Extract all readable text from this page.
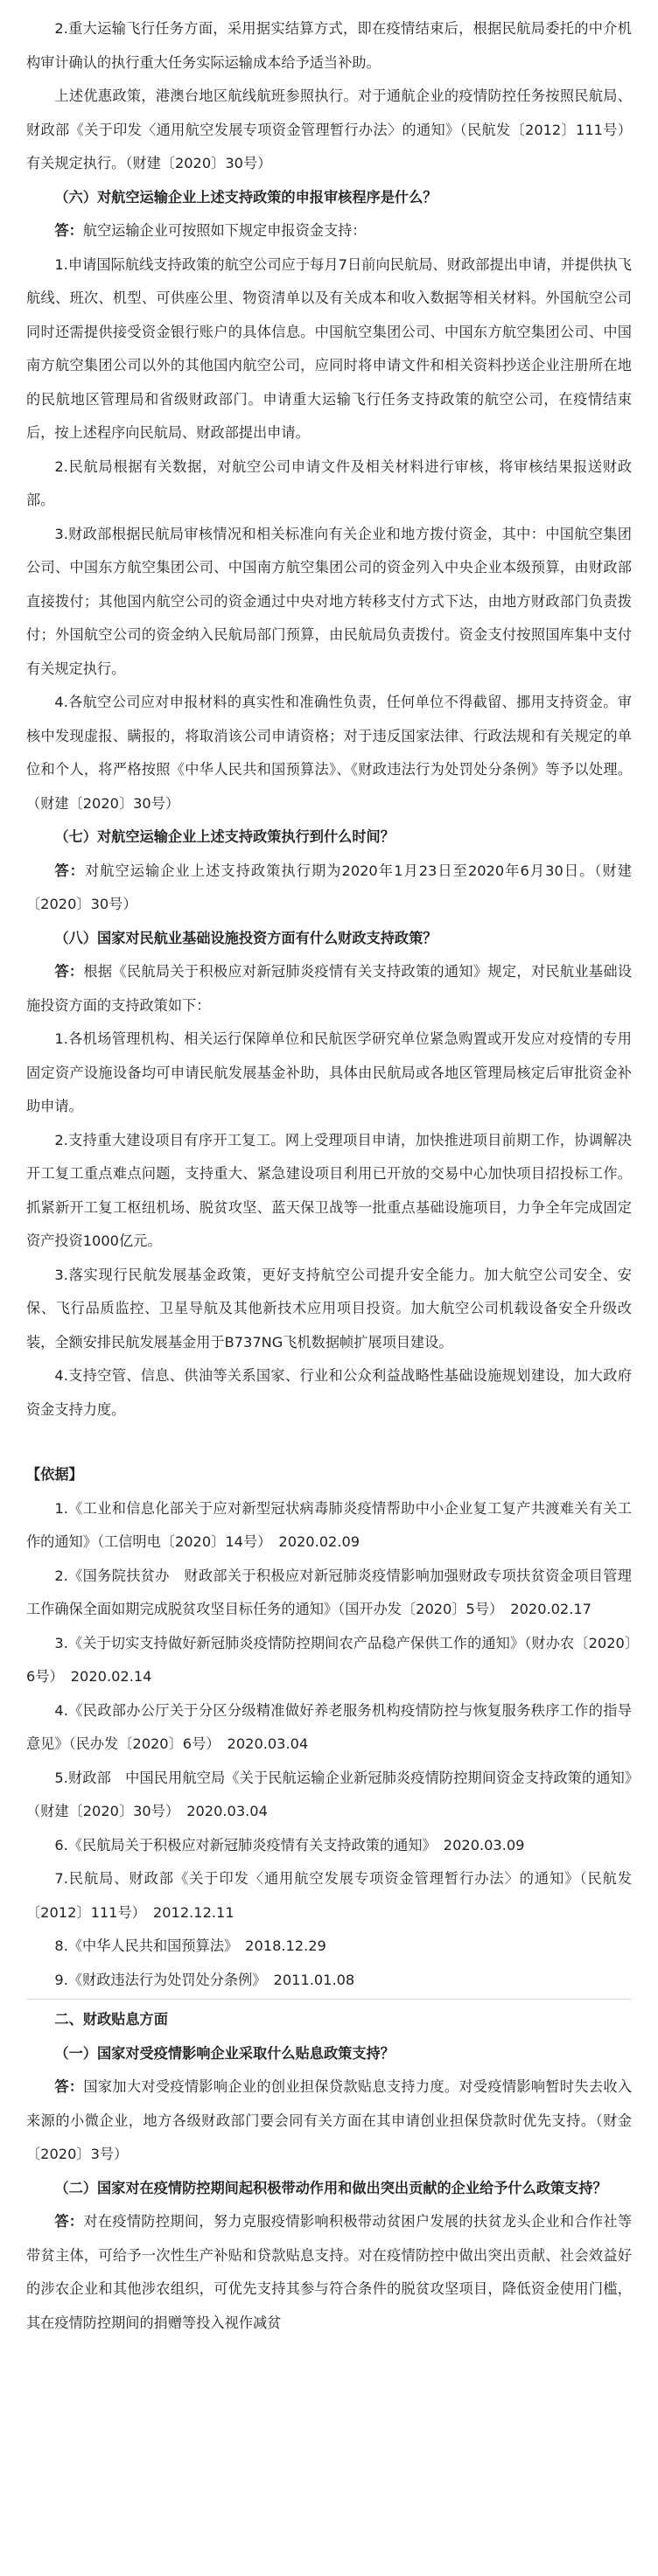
2.重大运输飞行任务方面，采用据实结算方式，即在疫情结束后，根据民航局委托的中介机构审计确认的执行重大任务实际运输成本给予适当补助。

上述优惠政策，港澳台地区航线航班参照执行。对于通航企业的疫情防控任务按照民航局、财政部《关于印发〈通用航空发展专项资金管理暂行办法〉的通知》（民航发〔2012〕111号）有关规定执行。（财建〔2020〕30号）

（六）对航空运输企业上述支持政策的申报审核程序是什么？

答：航空运输企业可按照如下规定申报资金支持：

1.申请国际航线支持政策的航空公司应于每月7日前向民航局、财政部提出申请，并提供执飞航线、班次、机型、可供座公里、物资清单以及有关成本和收入数据等相关材料。外国航空公司同时还需提供接受资金银行账户的具体信息。中国航空集团公司、中国东方航空集团公司、中国南方航空集团公司以外的其他国内航空公司，应同时将申请文件和相关资料抄送企业注册所在地的民航地区管理局和省级财政部门。申请重大运输飞行任务支持政策的航空公司，在疫情结束后，按上述程序向民航局、财政部提出申请。

2.民航局根据有关数据，对航空公司申请文件及相关材料进行审核，将审核结果报送财政部。

3.财政部根据民航局审核情况和相关标准向有关企业和地方拨付资金，其中：中国航空集团公司、中国东方航空集团公司、中国南方航空集团公司的资金列入中央企业本级预算，由财政部直接拨付；其他国内航空公司的资金通过中央对地方转移支付方式下达，由地方财政部门负责拨付；外国航空公司的资金纳入民航局部门预算，由民航局负责拨付。资金支付按照国库集中支付有关规定执行。

4.各航空公司应对申报材料的真实性和准确性负责，任何单位不得截留、挪用支持资金。审核中发现虚报、瞒报的，将取消该公司申请资格；对于违反国家法律、行政法规和有关规定的单位和个人，将严格按照《中华人民共和国预算法》、《财政违法行为处罚处分条例》等予以处理。（财建〔2020〕30号）

（七）对航空运输企业上述支持政策执行到什么时间？

答：对航空运输企业上述支持政策执行期为2020年1月23日至2020年6月30日。（财建〔2020〕30号）

（八）国家对民航业基础设施投资方面有什么财政支持政策？

答：根据《民航局关于积极应对新冠肺炎疫情有关支持政策的通知》规定，对民航业基础设施投资方面的支持政策如下：

1.各机场管理机构、相关运行保障单位和民航医学研究单位紧急购置或开发应对疫情的专用固定资产设施设备均可申请民航发展基金补助，具体由民航局或各地区管理局核定后审批资金补助申请。

2.支持重大建设项目有序开工复工。网上受理项目申请，加快推进项目前期工作，协调解决开工复工重点难点问题，支持重大、紧急建设项目利用已开放的交易中心加快项目招投标工作。抓紧新开工复工枢纽机场、脱贫攻坚、蓝天保卫战等一批重点基础设施项目，力争全年完成固定资产投资1000亿元。

3.落实现行民航发展基金政策，更好支持航空公司提升安全能力。加大航空公司安全、安保、飞行品质监控、卫星导航及其他新技术应用项目投资。加大航空公司机载设备安全升级改装，全额安排民航发展基金用于B737NG飞机数据帧扩展项目建设。

4.支持空管、信息、供油等关系国家、行业和公众利益战略性基础设施规划建设，加大政府资金支持力度。

【依据】

1.《工业和信息化部关于应对新型冠状病毒肺炎疫情帮助中小企业复工复产共渡难关有关工作的通知》（工信明电〔2020〕14号）　2020.02.09

2.《国务院扶贫办　财政部关于积极应对新冠肺炎疫情影响加强财政专项扶贫资金项目管理工作确保全面如期完成脱贫攻坚目标任务的通知》（国开办发〔2020〕5号）　2020.02.17

3.《关于切实支持做好新冠肺炎疫情防控期间农产品稳产保供工作的通知》（财办农〔2020〕6号）　2020.02.14

4.《民政部办公厅关于分区分级精准做好养老服务机构疫情防控与恢复服务秩序工作的指导意见》（民办发〔2020〕6号）　2020.03.04

5.财政部　中国民用航空局《关于民航运输企业新冠肺炎疫情防控期间资金支持政策的通知》（财建〔2020〕30号）　2020.03.04

6.《民航局关于积极应对新冠肺炎疫情有关支持政策的通知》　2020.03.09

7.民航局、财政部《关于印发〈通用航空发展专项资金管理暂行办法〉的通知》（民航发〔2012〕111号）　2012.12.11

8.《中华人民共和国预算法》　2018.12.29

9.《财政违法行为处罚处分条例》　2011.01.08

二、财政贴息方面

（一）国家对受疫情影响企业采取什么贴息政策支持？

答：国家加大对受疫情影响企业的创业担保贷款贴息支持力度。对受疫情影响暂时失去收入来源的小微企业，地方各级财政部门要会同有关方面在其申请创业担保贷款时优先支持。（财金〔2020〕3号）

（二）国家对在疫情防控期间起积极带动作用和做出突出贡献的企业给予什么政策支持？

答：对在疫情防控期间，努力克服疫情影响积极带动贫困户发展的扶贫龙头企业和合作社等带贫主体，可给予一次性生产补贴和贷款贴息支持。对在疫情防控中做出突出贡献、社会效益好的涉农企业和其他涉农组织，可优先支持其参与符合条件的脱贫攻坚项目，降低资金使用门槛，其在疫情防控期间的捐赠等投入视作减贫
